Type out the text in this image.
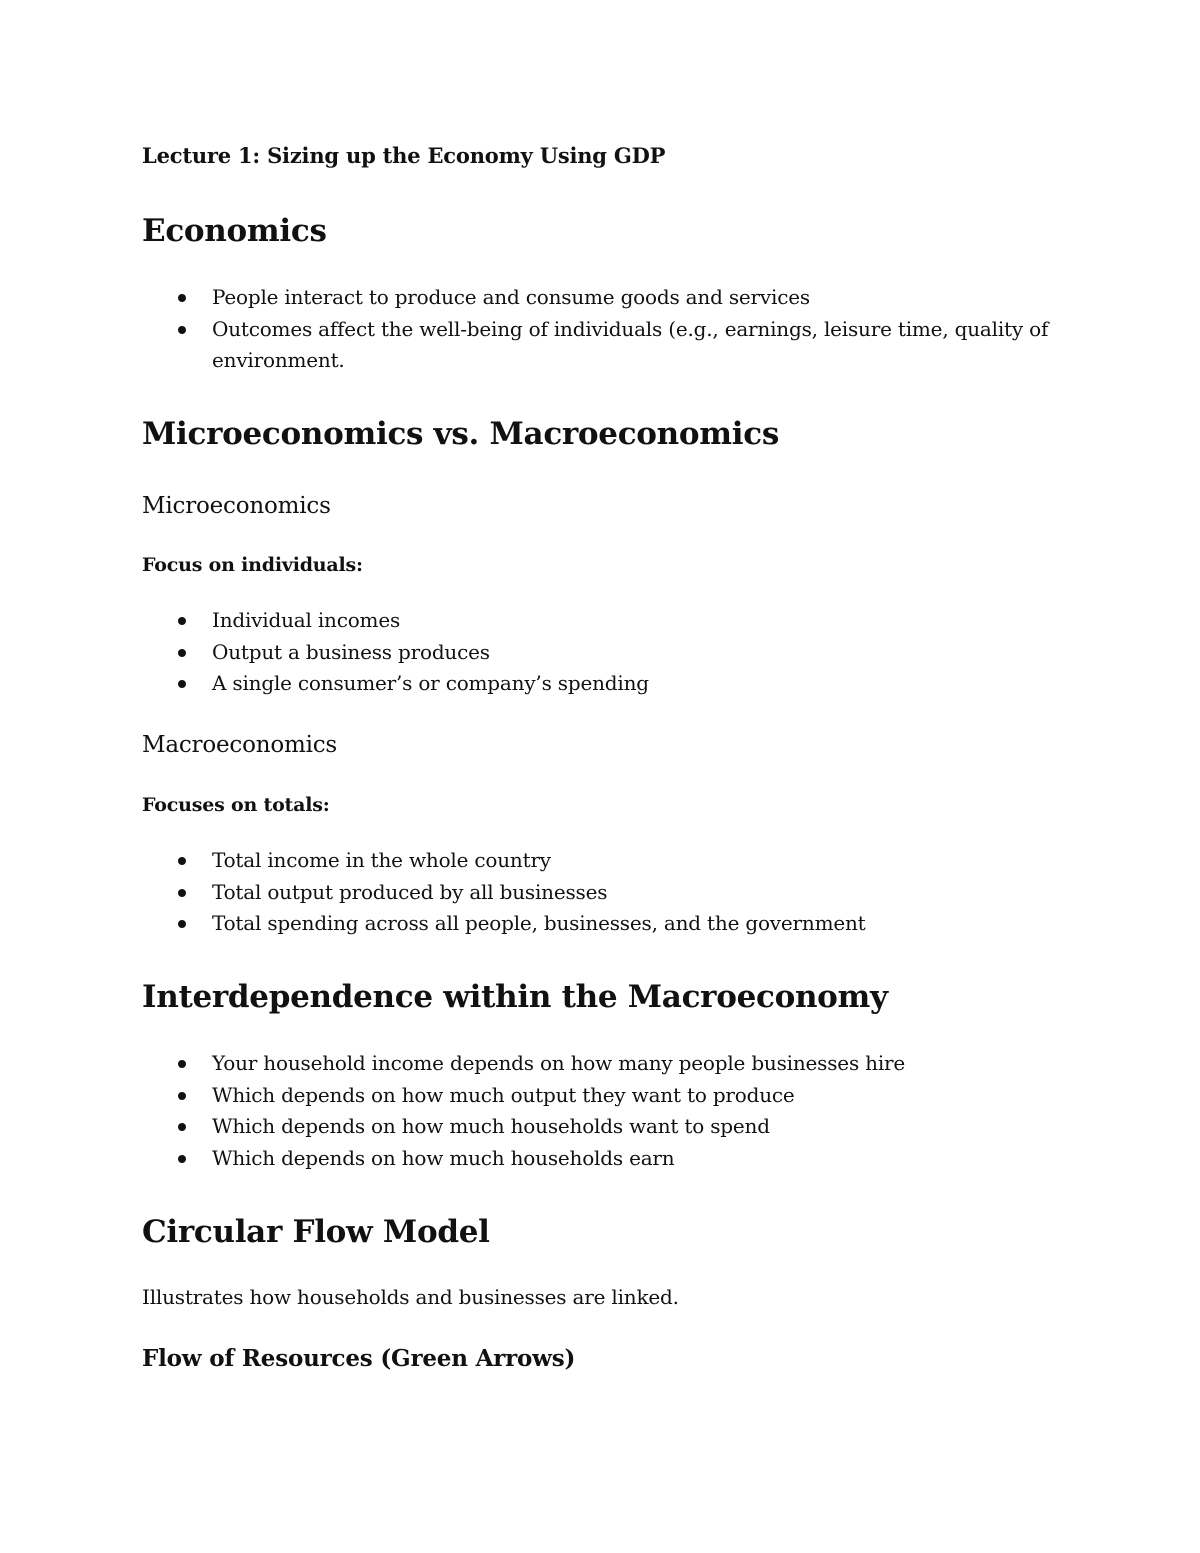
Lecture 1: Sizing up the Economy Using GDP

Economics
People interact to produce and consume goods and services
Outcomes affect the well-being of individuals (e.g., earnings, leisure time, quality of environment.
Microeconomics vs. Macroeconomics
Microeconomics

Focus on individuals:

Individual incomes
Output a business produces
A single consumer’s or company’s spending
Macroeconomics

Focuses on totals:

Total income in the whole country
Total output produced by all businesses
Total spending across all people, businesses, and the government
Interdependence within the Macroeconomy
Your household income depends on how many people businesses hire
Which depends on how much output they want to produce
Which depends on how much households want to spend
Which depends on how much households earn
Circular Flow Model

Illustrates how households and businesses are linked.

Flow of Resources (Green Arrows)
